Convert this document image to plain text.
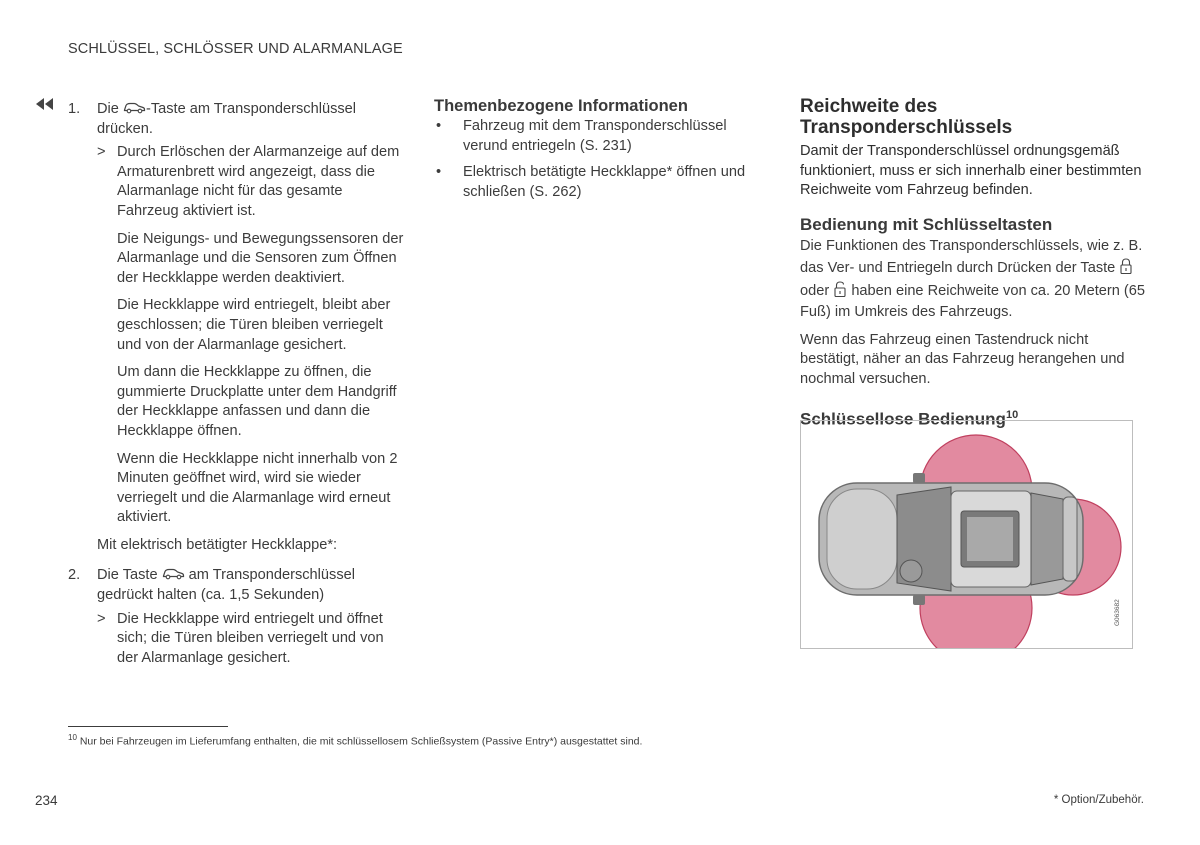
SCHLÜSSEL, SCHLÖSSER UND ALARMANLAGE
1. Die -Taste am Transponderschlüssel drücken.
> Durch Erlöschen der Alarmanzeige auf dem Armaturenbrett wird angezeigt, dass die Alarmanlage nicht für das gesamte Fahrzeug aktiviert ist.
Die Neigungs- und Bewegungssensoren der Alarmanlage und die Sensoren zum Öffnen der Heckklappe werden deaktiviert.
Die Heckklappe wird entriegelt, bleibt aber geschlossen; die Türen bleiben verriegelt und von der Alarmanlage gesichert.
Um dann die Heckklappe zu öffnen, die gummierte Druckplatte unter dem Handgriff der Heckklappe anfassen und dann die Heckklappe öffnen.
Wenn die Heckklappe nicht innerhalb von 2 Minuten geöffnet wird, wird sie wieder verriegelt und die Alarmanlage wird erneut aktiviert.
Mit elektrisch betätigter Heckklappe*:
2. Die Taste  am Transponderschlüssel gedrückt halten (ca. 1,5 Sekunden)
> Die Heckklappe wird entriegelt und öffnet sich; die Türen bleiben verriegelt und von der Alarmanlage gesichert.
Themenbezogene Informationen
• Fahrzeug mit dem Transponderschlüssel verund entriegeln (S. 231)
• Elektrisch betätigte Heckklappe* öffnen und schließen (S. 262)
Reichweite des
Transponderschlüssels
Damit der Transponderschlüssel ordnungsgemäß funktioniert, muss er sich innerhalb einer bestimmten Reichweite vom Fahrzeug befinden.
Bedienung mit Schlüsseltasten
Die Funktionen des Transponderschlüssels, wie z. B. das Ver- und Entriegeln durch Drücken der Taste  oder  haben eine Reichweite von ca. 20 Metern (65 Fuß) im Umkreis des Fahrzeugs.
Wenn das Fahrzeug einen Tastendruck nicht bestätigt, näher an das Fahrzeug herangehen und nochmal versuchen.
Schlüssellose Bedienung$^{10}$
G063682
$^{10}$ Nur bei Fahrzeugen im Lieferumfang enthalten, die mit schlüssellosem Schließsystem (Passive Entry*) ausgestattet sind.
234	* Option/Zubehör.
